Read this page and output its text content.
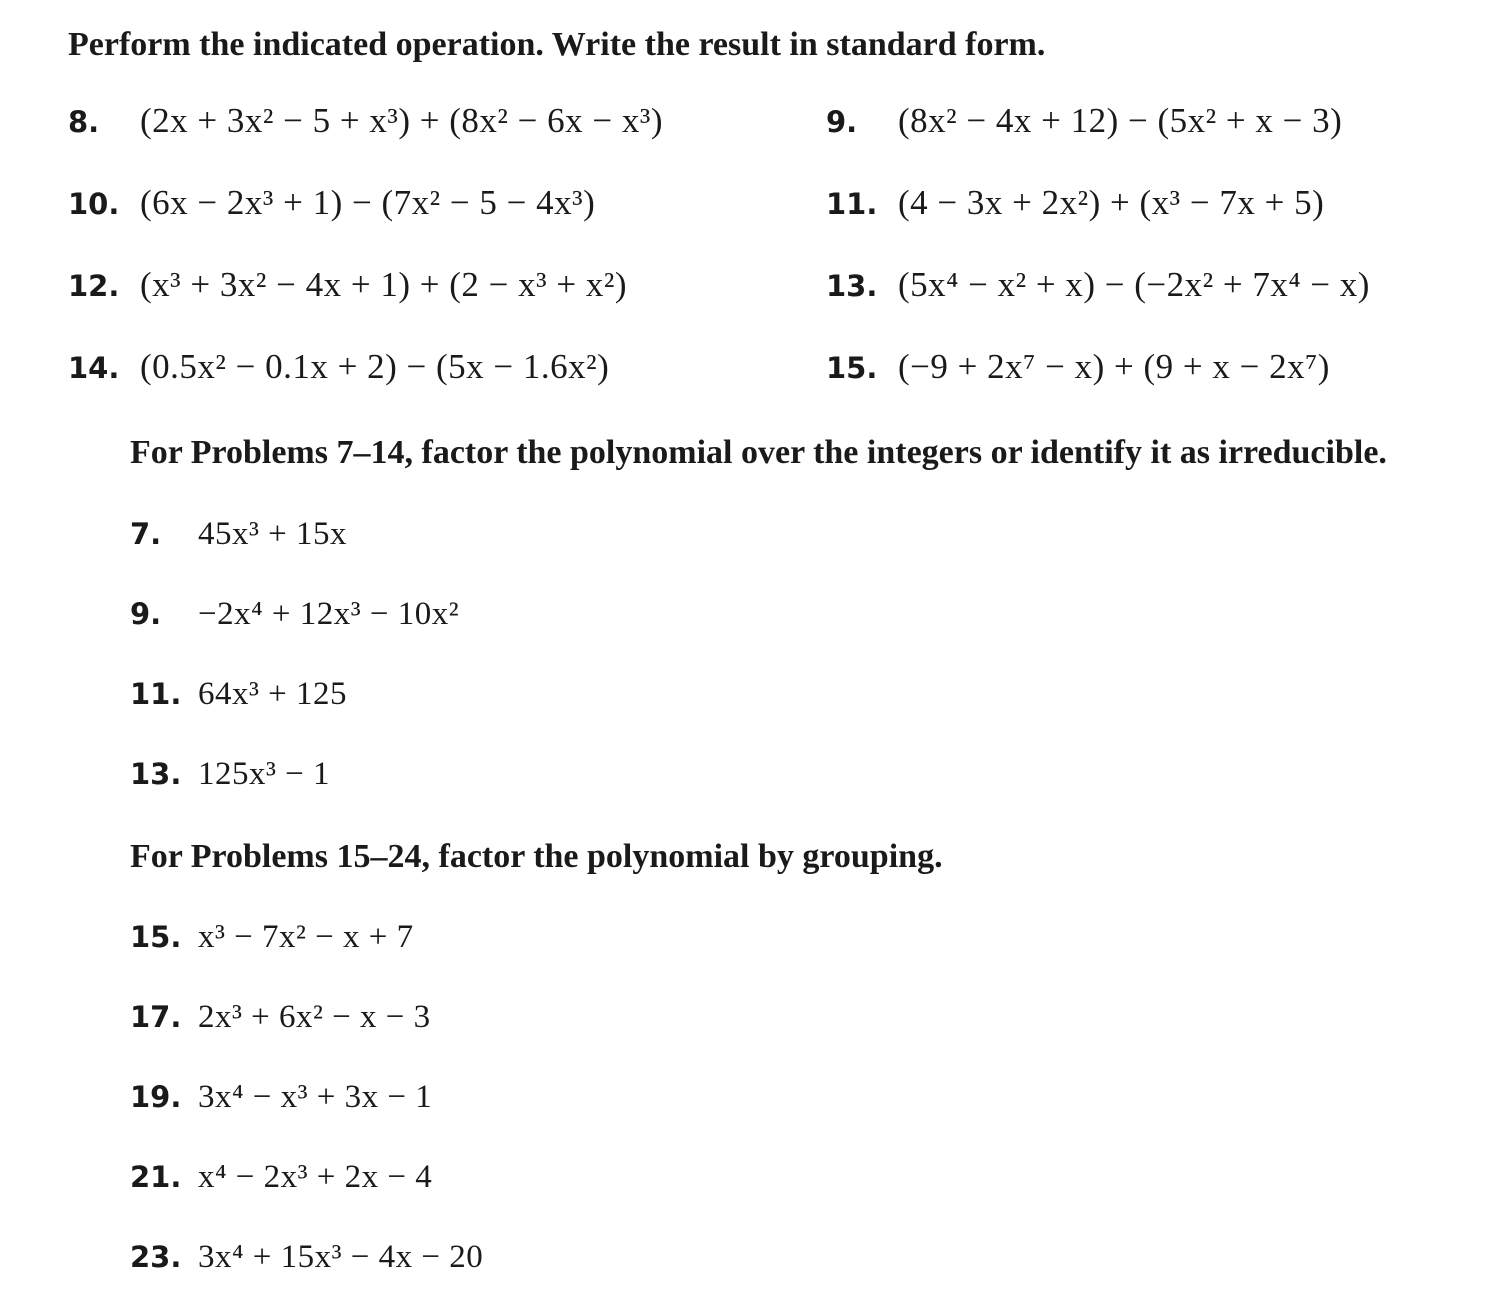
Perform the indicated operation. Write the result in standard form.
8.	(2x + 3x² − 5 + x³) + (8x² − 6x − x³)	9.	(8x² − 4x + 12) − (5x² + x − 3)
10. (6x − 2x³ + 1) − (7x² − 5 − 4x³)	11. (4 − 3x + 2x²) + (x³ − 7x + 5)
12. (x³ + 3x² − 4x + 1) + (2 − x³ + x²)	13. (5x⁴ − x² + x) − (−2x² + 7x⁴ − x)
14. (0.5x² − 0.1x + 2) − (5x − 1.6x²)	15. (−9 + 2x⁷ − x) + (9 + x − 2x⁷)
For Problems 7–14, factor the polynomial over the integers or identify it as irreducible.
7.	45x³ + 15x
9.	−2x⁴ + 12x³ − 10x²
11. 64x³ + 125
13. 125x³ − 1
For Problems 15–24, factor the polynomial by grouping.
15. x³ − 7x² − x + 7
17. 2x³ + 6x² − x − 3
19. 3x⁴ − x³ + 3x − 1
21. x⁴ − 2x³ + 2x − 4
23. 3x⁴ + 15x³ − 4x − 20
